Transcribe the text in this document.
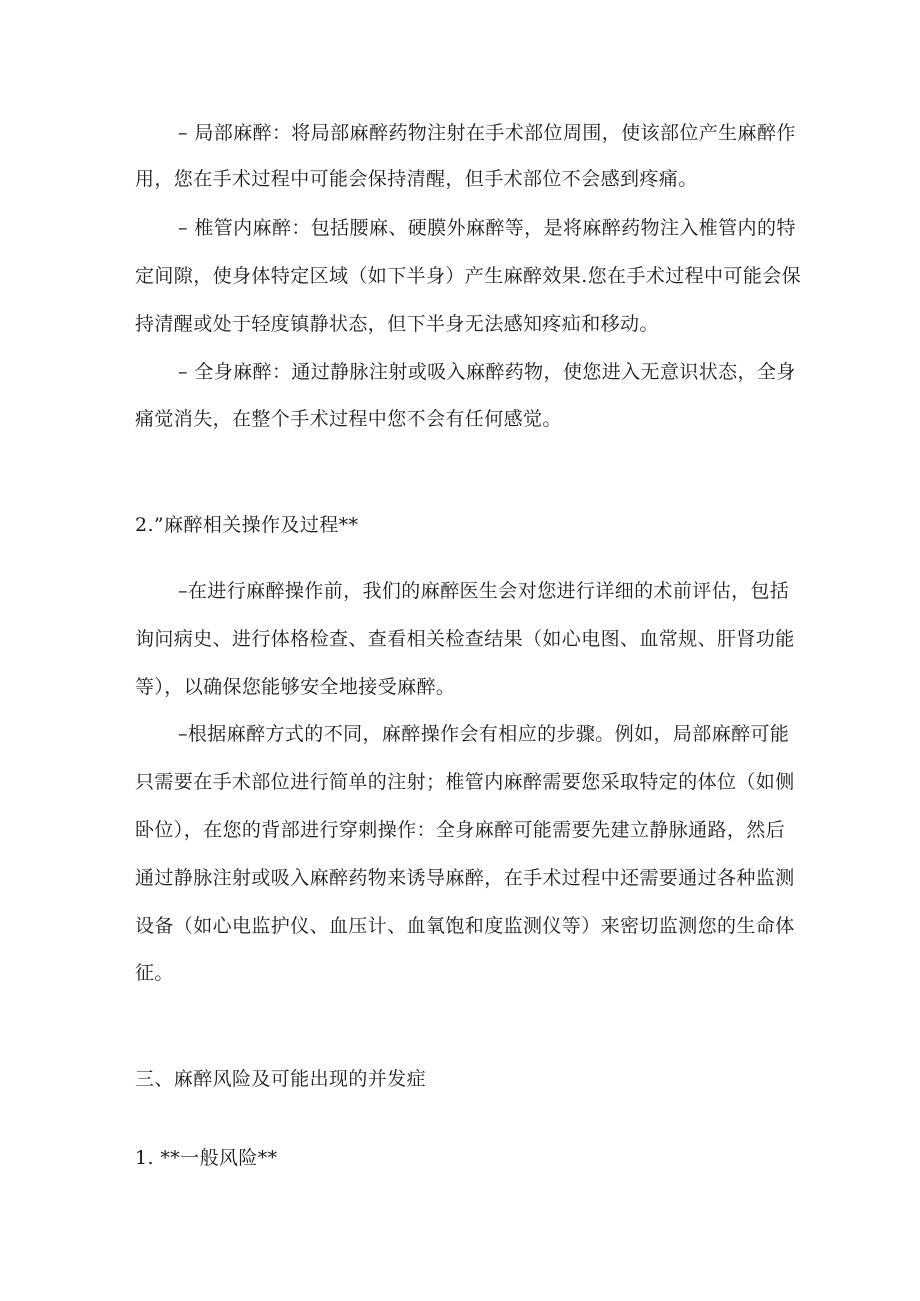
– 局部麻醉：将局部麻醉药物注射在手术部位周围，使该部位产生麻醉作
用，您在手术过程中可能会保持清醒，但手术部位不会感到疼痛。
– 椎管内麻醉：包括腰麻、硬膜外麻醉等，是将麻醉药物注入椎管内的特
定间隙，使身体特定区域（如下半身）产生麻醉效果.您在手术过程中可能会保
持清醒或处于轻度镇静状态，但下半身无法感知疼疝和移动。
– 全身麻醉：通过静脉注射或吸入麻醉药物，使您进入无意识状态，全身
痛觉消失，在整个手术过程中您不会有任何感觉。
2.”麻醉相关操作及过程**
–在进行麻醉操作前，我们的麻醉医生会对您进行详细的术前评估，包括
询问病史、进行体格检查、查看相关检查结果（如心电图、血常规、肝肾功能
等），以确保您能够安全地接受麻醉。
–根据麻醉方式的不同，麻醉操作会有相应的步骤。例如，局部麻醉可能
只需要在手术部位进行简单的注射；椎管内麻醉需要您采取特定的体位（如侧
卧位），在您的背部进行穿刺操作：全身麻醉可能需要先建立静脉通路，然后
通过静脉注射或吸入麻醉药物来诱导麻醉，在手术过程中还需要通过各种监测
设备（如心电监护仪、血压计、血氧饱和度监测仪等）来密切监测您的生命体
征。
三、麻醉风险及可能出现的并发症
1. **一般风险**
